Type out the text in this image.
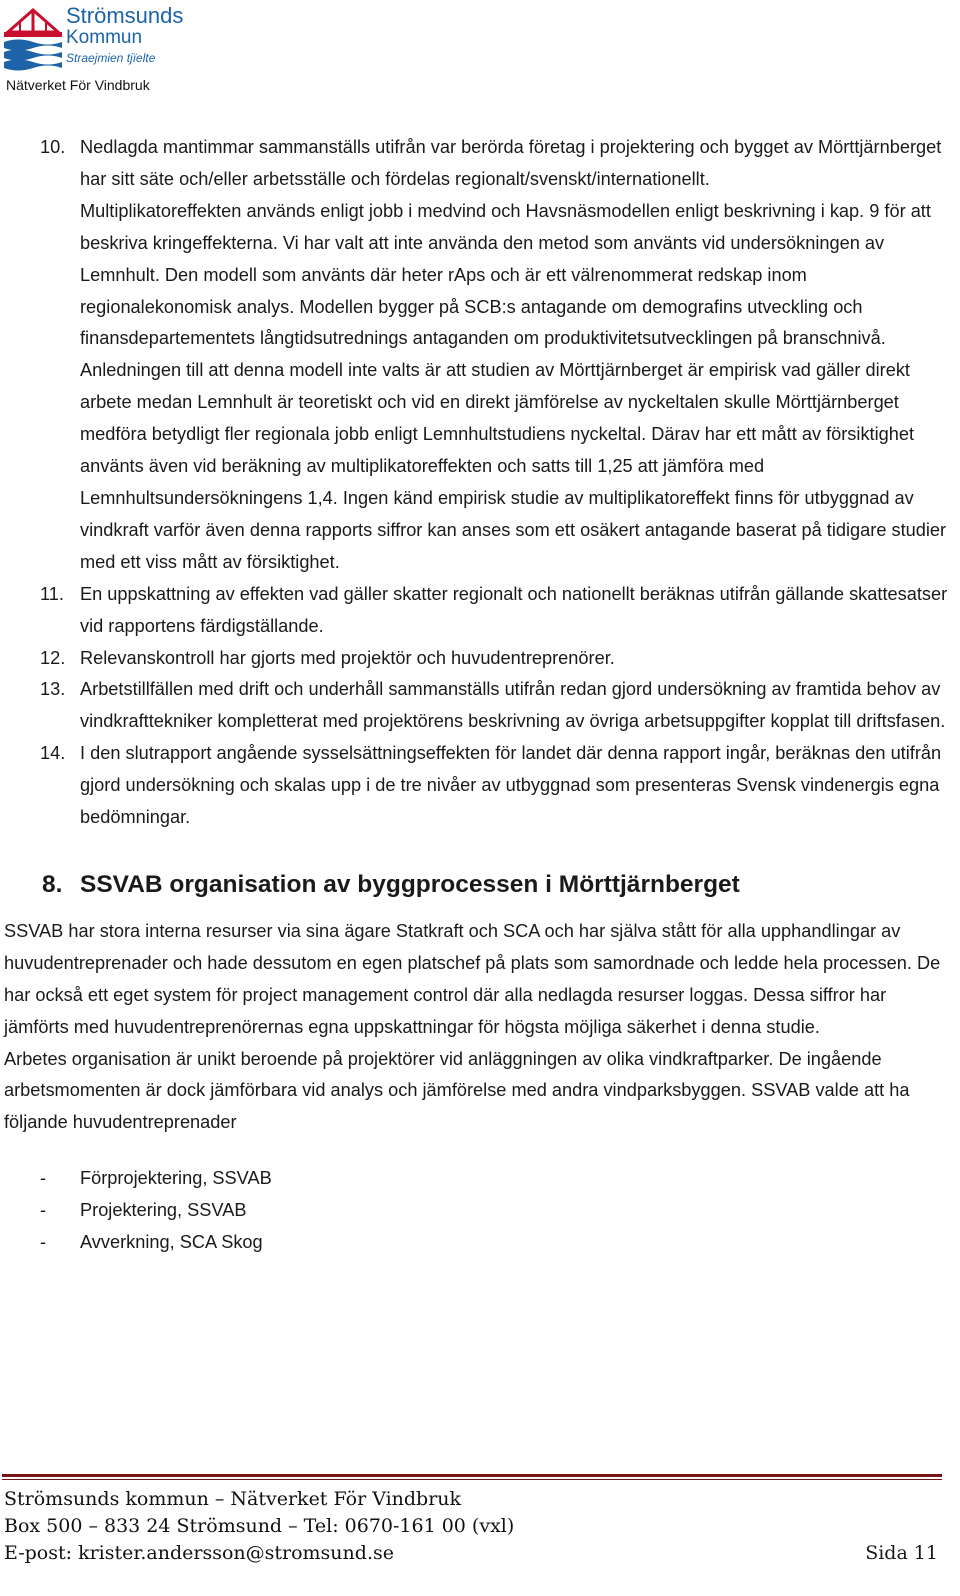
Strömsunds
Kommun
Straejmien tjïelte
Nätverket För Vindbruk
10. Nedlagda mantimmar sammanställs utifrån var berörda företag i projektering och bygget av Mörttjärnberget har sitt säte och/eller arbetsställe och fördelas regionalt/svenskt/internationellt.

Multiplikatoreffekten används enligt jobb i medvind och Havsnäsmodellen enligt beskrivning i kap. 9 för att beskriva kringeffekterna. Vi har valt att inte använda den metod som använts vid undersökningen av Lemnhult. Den modell som använts där heter rAps och är ett välrenommerat redskap inom regionalekonomisk analys. Modellen bygger på SCB:s antagande om demografins utveckling och finansdepartementets långtidsutrednings antaganden om produktivitetsutvecklingen på branschnivå.

Anledningen till att denna modell inte valts är att studien av Mörttjärnberget är empirisk vad gäller direkt arbete medan Lemnhult är teoretiskt och vid en direkt jämförelse av nyckeltalen skulle Mörttjärnberget medföra betydligt fler regionala jobb enligt Lemnhultstudiens nyckeltal. Därav har ett mått av försiktighet använts även vid beräkning av multiplikatoreffekten och satts till 1,25 att jämföra med Lemnhultsundersökningens 1,4. Ingen känd empirisk studie av multiplikatoreffekt finns för utbyggnad av vindkraft varför även denna rapports siffror kan anses som ett osäkert antagande baserat på tidigare studier med ett viss mått av försiktighet.

11. En uppskattning av effekten vad gäller skatter regionalt och nationellt beräknas utifrån gällande skattesatser vid rapportens färdigställande.

12. Relevanskontroll har gjorts med projektör och huvudentreprenörer.

13. Arbetstillfällen med drift och underhåll sammanställs utifrån redan gjord undersökning av framtida behov av vindkrafttekniker kompletterat med projektörens beskrivning av övriga arbetsuppgifter kopplat till driftsfasen.

14. I den slutrapport angående sysselsättningseffekten för landet där denna rapport ingår, beräknas den utifrån gjord undersökning och skalas upp i de tre nivåer av utbyggnad som presenteras Svensk vindenergis egna bedömningar.

8. SSVAB organisation av byggprocessen i Mörttjärnberget

SSVAB har stora interna resurser via sina ägare Statkraft och SCA och har själva stått för alla upphandlingar av huvudentreprenader och hade dessutom en egen platschef på plats som samordnade och ledde hela processen. De har också ett eget system för project management control där alla nedlagda resurser loggas. Dessa siffror har jämförts med huvudentreprenörernas egna uppskattningar för högsta möjliga säkerhet i denna studie.

Arbetes organisation är unikt beroende på projektörer vid anläggningen av olika vindkraftparker. De ingående arbetsmomenten är dock jämförbara vid analys och jämförelse med andra vindparksbyggen. SSVAB valde att ha följande huvudentreprenader

- Förprojektering, SSVAB
- Projektering, SSVAB
- Avverkning, SCA Skog
Strömsunds kommun – Nätverket För Vindbruk
Box 500 – 833 24 Strömsund – Tel: 0670-161 00 (vxl)
E-post: krister.andersson@stromsund.se	Sida 11
